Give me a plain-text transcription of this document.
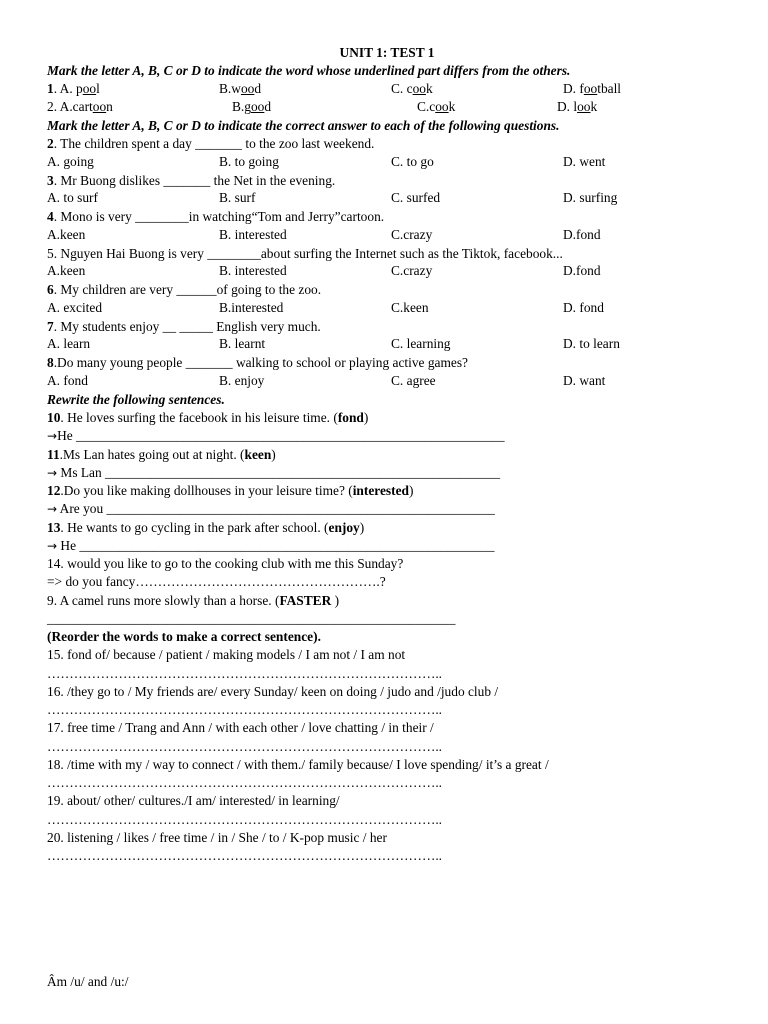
UNIT 1: TEST 1
Mark the letter A, B, C or D to indicate the word whose underlined part differs from the others.
1. A. pool	B.wood	C. cook	D. football
2. A.cartoon	B.good	C.cook	D. look
Mark the letter A, B, C or D to indicate the correct answer to each of the following questions.
2. The children spent a day _______ to the zoo last weekend.
A. going	B. to going	C. to go	D. went
3. Mr Buong dislikes _______ the Net in the evening.
A. to surf	B. surf	C. surfed	D. surfing
4. Mono is very ________in watching“Tom and Jerry”cartoon.
A.keen	B. interested	C.crazy	D.fond
5. Nguyen Hai Buong is very ________about surfing the Internet such as the Tiktok, facebook...
A.keen	B. interested	C.crazy	D.fond
6. My children are very ______of going to the zoo.
A. excited	B.interested	C.keen	D. fond
7. My students enjoy __ _____ English very much.
A. learn	B. learnt	C. learning	D. to learn
8.Do many young people _______ walking to school or playing active games?
A. fond	B. enjoy	C. agree	D. want
Rewrite the following sentences.
10. He loves surfing the facebook in his leisure time. (fond)
→He ________________________________________________________________
11.Ms Lan hates going out at night. (keen)
→ Ms Lan ___________________________________________________________
12.Do you like making dollhouses in your leisure time? (interested)
→ Are you __________________________________________________________
13. He wants to go cycling in the park after school. (enjoy)
→ He ______________________________________________________________
14. would you like to go to the cooking club with me this Sunday?
=> do you fancy……………………………………………….?
9. A camel runs more slowly than a horse. (FASTER )
_____________________________________________________________
(Reorder the words to make a correct sentence).
15. fond of/ because / patient / making models / I am not / I am not
……………………………………………………………………………..
16. /they go to / My friends are/ every Sunday/ keen on doing / judo and /judo club /
……………………………………………………………………………..
17. free time / Trang and Ann / with each other / love chatting / in their /
……………………………………………………………………………..
18. /time with my / way to connect / with them./ family because/ I love spending/ it’s a great /
……………………………………………………………………………..
19. about/ other/ cultures./I am/ interested/ in learning/
……………………………………………………………………………..
20. listening / likes / free time / in / She / to / K-pop music / her
……………………………………………………………………………..
Âm /u/ and /u:/
